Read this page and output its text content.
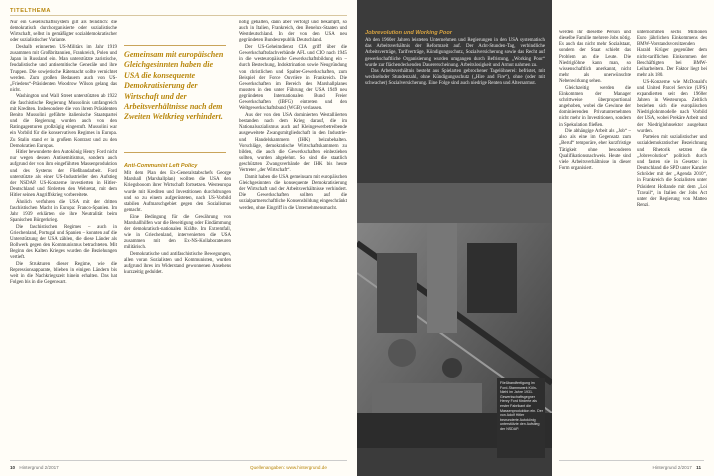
TITELTHEMA

Nur ein Gesellschaftssystem gilt als feindlich: die demokratisch durchorganisierte oder sozialistische Wirtschaft, selbst in gemäßigter sozialdemokratischer oder sozialistischer Variante.

Deshalb erinnerten US-Militärs im Jahr 1919 zusammen mit Großbritannien, Frankreich, Polen und Japan in Russland ein. Man unterstützte zaristische, feudalistische und antisemitische Generäle und ihre Truppen. Die sowjetische Rätemacht sollte vernichtet werden. Zum großen Bedauern auch von US-„Friedens“-Präsidenten Woodrow Wilson gelang das nicht.

Washington und Wall Street unterstützten ab 1922 die faschistische Regierung Mussolinis umfangreich mit Krediten. Insbesondere die von ihrem Präsidenten Benito Mussolini geführte italienische Staatspartei und die Regierung wurden auch von den Ratingagenturen großzügig eingestuft. Mussolini war ein Vorbild für die konservativen Regimes in Europa. Zu Stalin stand er in großem Kontrast und zu den Demokratien Europas.

Hitler bewunderte den Autokönig Henry Ford nicht nur wegen dessen Antisemitismus, sondern auch aufgrund der von ihm eingeführten Massenproduktion und des Systems der Fließbandarbeit. Ford unterstützte als einer US-Industrieller den Aufstieg der NSDAP. US-Konzerne investierten in Hitler-Deutschland und förderten den Wehretat, mit dem Hitler seinen Angriffskrieg vorbereitete.

Ähnlich verfuhren die USA mit der dritten faschistischen Macht in Europa: Franco-Spanien. Im Jahr 1939 erklärten sie ihre Neutralität beim Spanischen Bürgerkrieg.

Die faschistischen Regimes – auch in Griechenland, Portugal und Spanien – konnten auf die Unterstützung der USA zählen, die diese Länder als Bollwerk gegen den Kommunismus betrachteten. Mit Beginn des Kalten Krieges wurden die Beziehungen vertieft.

Die Strukturen dieser Regime, wie die Repressionsapparate, blieben in einigen Ländern bis weit in die Nachkriegszeit hinein erhalten. Das hat Folgen bis in die Gegenwart.

Gemeinsam mit europäischen Gleichgesinnten haben die USA die konsequente Demokratisierung der Wirtschaft und der Arbeitsverhältnisse nach dem Zweiten Weltkrieg verhindert.
Anti-Communist Left Policy

Mit dem Plan des Ex-Generalstabschefs George Marshall (Marshallplan) wollten die USA den Kriegsbooom ihrer Wirtschaft fortsetzen. Westeuropa wurde mit Krediten und Investitionen durchdrungen und so zu einem aufgerüsteten, nach US-Vorbild stabilen Aufmarschgebiet gegen den Sozialismus gemacht.

Eine Bedingung für die Gewährung von Marshallhilfen war die Beseitigung oder Eindämmung der demokratisch-nationalen Kräfte. Im Extremfall, wie in Griechenland, intervenierten die USA zusammen mit den Ex-NS-Kollaborateuren militärisch.

Demokratische und antifaschistische Bewegungen, allen voran Sozialisten und Kommunisten, wurden aufgrund ihres im Widerstand gewonnenen Ansehens kurzzeitig geduldet.

nötig gehalten, dann aber verfolgt und bekämpft, so auch in Italien, Frankreich, den Benelux-Staaten und Westdeutschland. In der von den USA neu gegründeten Bundesrepublik Deutschland.

Der US-Geheimdienst CIA griff über die Gewerkschaftsdachverbände AFL und CIO nach 1945 in die westeuropäische Gewerkschaftsbildung ein – durch Bestechung, Indoktrination sowie Neugründung von christlichen und Spalter-Gewerkschaften, zum Beispiel der Force Ouvrière in Frankreich. Die Gewerkschaften im Bereich des Marshallplanes mussten in den unter Führung der USA 1949 neu gegründeten Internationalen Bund Freier Gewerkschaften (IBFG) eintreten und den Weltgewerkschaftsbund (WGB) verlassen.

Aus der von den USA dominierten Westalliierten bestanden nach dem Krieg darauf, die im Nationalsozialismus auch auf Kleingewerbetreibende ausgeweitete Zwangsmitgliedschaft in den Industrie- und Handelskammern (IHK) beizubehalten. Vorschläge, demokratische Wirtschaftskammern zu bilden, die auch die Gewerkschaften einbeziehen sollten, wurden abgelehnt. So sind die staatlich geschützten Zwangsverbände der IHK bis heute Vertreter „der Wirtschaft“.

Damit haben die USA gemeinsam mit europäischen Gleichgesinnten die konsequente Demokratisierung der Wirtschaft und der Arbeitsverhältnisse verhindert. Die Gewerkschaften sollten auf die sozialpartnerschaftliche Konsensbildung eingeschränkt werden, ohne Eingriff in die Unternehmensmacht.

10 Hintergrund 2/2017	Quellenangaben: www.hintergrund.de
Jobrevolution und Working Poor

Ab den 1960er Jahren leisteten Unternehmen und Regierungen in den USA systematisch das Arbeitsverhältnis der Reformzeit auf. Der Acht-Stunden-Tag, verbindliche Arbeitsverträge, Tarifverträge, Kündigungsschutz, Sozialversicherung sowie das Recht auf gewerkschaftliche Organisierung wurden umgangen durch Befristung, „Working Poor“ wurde zur flächendeckenden Dauererscheinung. Arbeitslosigkeit und Armut nahmen zu.

Das Arbeitsverhältnis besteht aus Spielarten gebrochener Tagelöhnerei: befristet, mit wechselnder Stundenzahl, ohne Kündigungsschutz („Hire and Fire“), ohne (oder mit schwacher) Sozialversicherung. Eine Folge sind auch niedrige Renten und Altersarmut.

Fließbandfertigung im Ford-Stammwerk Köln-Niehl im Jahre 1931. Gewerkschaftsgegner Henry Ford förderte als erster Fabrikant die Massenproduktion ein. Der von Adolf Hitler bewunderte Autokönig unterstützte den Aufstieg der NSDAP.

werden ihr dieselbe Person und dieselbe Familie mehrere Jobs nötig. Es auch das nicht mehr Sozialstaat, sondern der Staat schiebt das Problem an die Leute. Die Niedriglöhne kann man, so wissenschaftlich anerkannt, nicht mehr als unerwünschte Nebenwirkung sehen.

Gleichzeitig werden die Einkommen der Manager schrittweise überproportional angehoben, wobei die Gewinne der dominierenden Privatunternehmen nicht mehr in Investitionen, sondern in Spekulation fließen.

Die abhängige Arbeit als „Job“ – also als eine im Gegensatz zum „Beruf“ temporäre, eher kurzfristige Tätigkeit ohne besonderen Qualifikationsnachweis. Heute sind viele Arbeitsverhältnisse in dieser Form organisiert.

unternommen sechs Millionen Euro jährlichen Einkommens des BMW-Vorstandsvorsitzenden Harald Krüger gegenüber dem nicht-tariflichen Einkommen der Beschäftigten bei BMW-Leiharbeitern. Der Faktor liegt bei mehr als 180.

US-Konzerne wie McDonald's und United Parcel Service (UPS) expandierten seit den 1960er Jahren in Westeuropa. Zeitlich beziehen sich die europäischen Niedriglohnmodelle nach Vorbild der USA, wobei Prekäre Arbeit und der Niedriglohnsektor ausgebaut wurden.

Parteien mit sozialistischer und sozialdemokratischer Bezeichnung und Rhetorik setzten die „Jobrevolution“ politisch durch und fasten sie in Gesetze: in Deutschland die SPD unter Kanzler Schröder mit der „Agenda 2010“, in Frankreich die Sozialisten unter Präsident Hollande mit dem „Loi Travail“, in Italien der Jobs Act unter der Regierung von Matteo Renzi.

Hintergrund 2/2017 11
